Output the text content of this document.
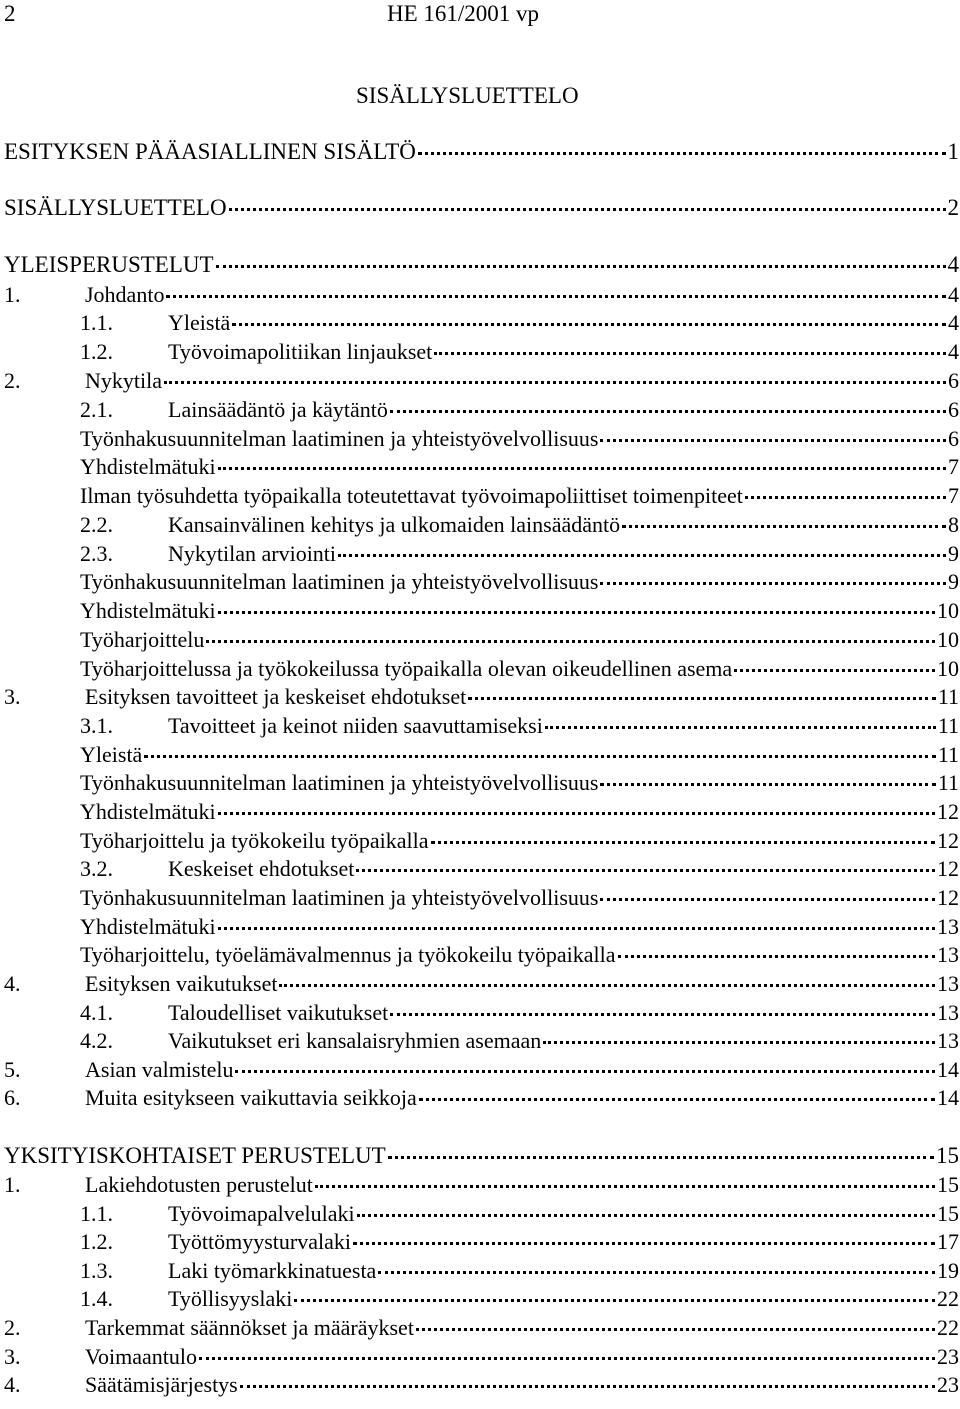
2	HE 161/2001 vp
SISÄLLYSLUETTELO
ESITYKSEN PÄÄASIALLINEN SISÄLTÖ	1
SISÄLLYSLUETTELO	2
YLEISPERUSTELUT	4
1.	Johdanto	4
1.1.	Yleistä	4
1.2.	Työvoimapolitiikan linjaukset	4
2.	Nykytila	6
2.1.	Lainsäädäntö ja käytäntö	6
Työnhakusuunnitelman laatiminen ja yhteistyövelvollisuus	6
Yhdistelmätuki	7
Ilman työsuhdetta työpaikalla toteutettavat työvoimapoliittiset toimenpiteet	7
2.2.	Kansainvälinen kehitys ja ulkomaiden lainsäädäntö	8
2.3.	Nykytilan arviointi	9
Työnhakusuunnitelman laatiminen ja yhteistyövelvollisuus	9
Yhdistelmätuki	10
Työharjoittelu	10
Työharjoittelussa ja työkokeilussa työpaikalla olevan oikeudellinen asema	10
3.	Esityksen tavoitteet ja keskeiset ehdotukset	11
3.1.	Tavoitteet ja keinot niiden saavuttamiseksi	11
Yleistä	11
Työnhakusuunnitelman laatiminen ja yhteistyövelvollisuus	11
Yhdistelmätuki	12
Työharjoittelu ja työkokeilu työpaikalla	12
3.2.	Keskeiset ehdotukset	12
Työnhakusuunnitelman laatiminen ja yhteistyövelvollisuus	12
Yhdistelmätuki	13
Työharjoittelu, työelämävalmennus ja työkokeilu työpaikalla	13
4.	Esityksen vaikutukset	13
4.1.	Taloudelliset vaikutukset	13
4.2.	Vaikutukset eri kansalaisryhmien asemaan	13
5.	Asian valmistelu	14
6.	Muita esitykseen vaikuttavia seikkoja	14
YKSITYISKOHTAISET PERUSTELUT	15
1.	Lakiehdotusten perustelut	15
1.1.	Työvoimapalvelulaki	15
1.2.	Työttömyysturvalaki	17
1.3.	Laki työmarkkinatuesta	19
1.4.	Työllisyyslaki	22
2.	Tarkemmat säännökset ja määräykset	22
3.	Voimaantulo	23
4.	Säätämisjärjestys	23
